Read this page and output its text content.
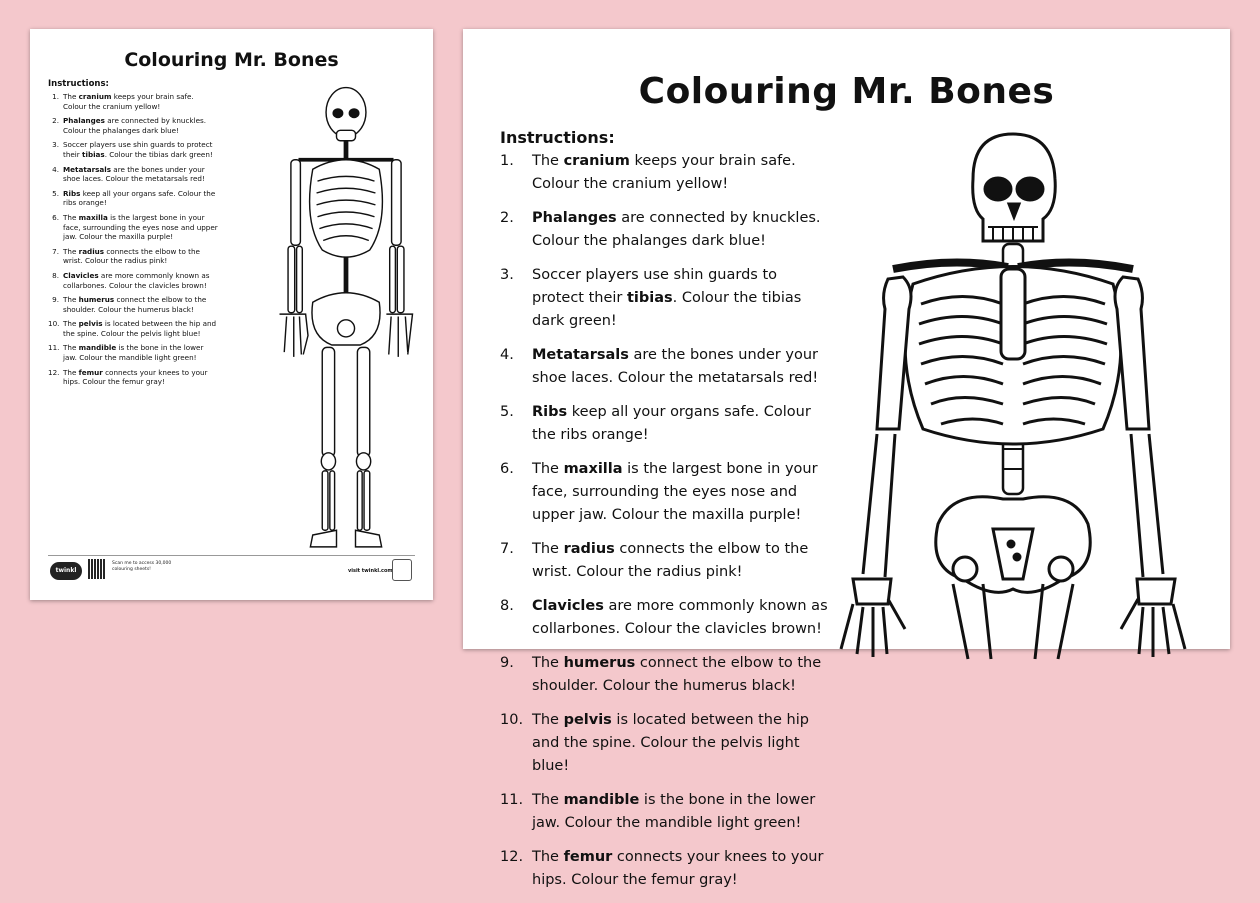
Colouring Mr. Bones
Instructions:
1. The cranium keeps your brain safe. Colour the cranium yellow!
2. Phalanges are connected by knuckles. Colour the phalanges dark blue!
3. Soccer players use shin guards to protect their tibias. Colour the tibias dark green!
4. Metatarsals are the bones under your shoe laces. Colour the metatarsals red!
5. Ribs keep all your organs safe. Colour the ribs orange!
6. The maxilla is the largest bone in your face, surrounding the eyes nose and upper jaw. Colour the maxilla purple!
7. The radius connects the elbow to the wrist. Colour the radius pink!
8. Clavicles are more commonly known as collarbones. Colour the clavicles brown!
9. The humerus connect the elbow to the shoulder. Colour the humerus black!
10. The pelvis is located between the hip and the spine. Colour the pelvis light blue!
11. The mandible is the bone in the lower jaw. Colour the mandible light green!
12. The femur connects your knees to your hips. Colour the femur gray!
twinkl
Scan me to access 30,000 colouring sheets!	visit twinkl.com
Colouring Mr. Bones
Instructions:
1.	The cranium keeps your brain safe. Colour the cranium yellow!
2.	Phalanges are connected by knuckles. Colour the phalanges dark blue!
3.	Soccer players use shin guards to protect their tibias. Colour the tibias dark green!
4.	Metatarsals are the bones under your shoe laces. Colour the metatarsals red!
5.	Ribs keep all your organs safe. Colour the ribs orange!
6.	The maxilla is the largest bone in your face, surrounding the eyes nose and upper jaw. Colour the maxilla purple!
7.	The radius connects the elbow to the wrist. Colour the radius pink!
8.	Clavicles are more commonly known as collarbones. Colour the clavicles brown!
9.	The humerus connect the elbow to the shoulder. Colour the humerus black!
10. The pelvis is located between the hip and the spine. Colour the pelvis light blue!
11. The mandible is the bone in the lower jaw. Colour the mandible light green!
12. The femur connects your knees to your hips. Colour the femur gray!
